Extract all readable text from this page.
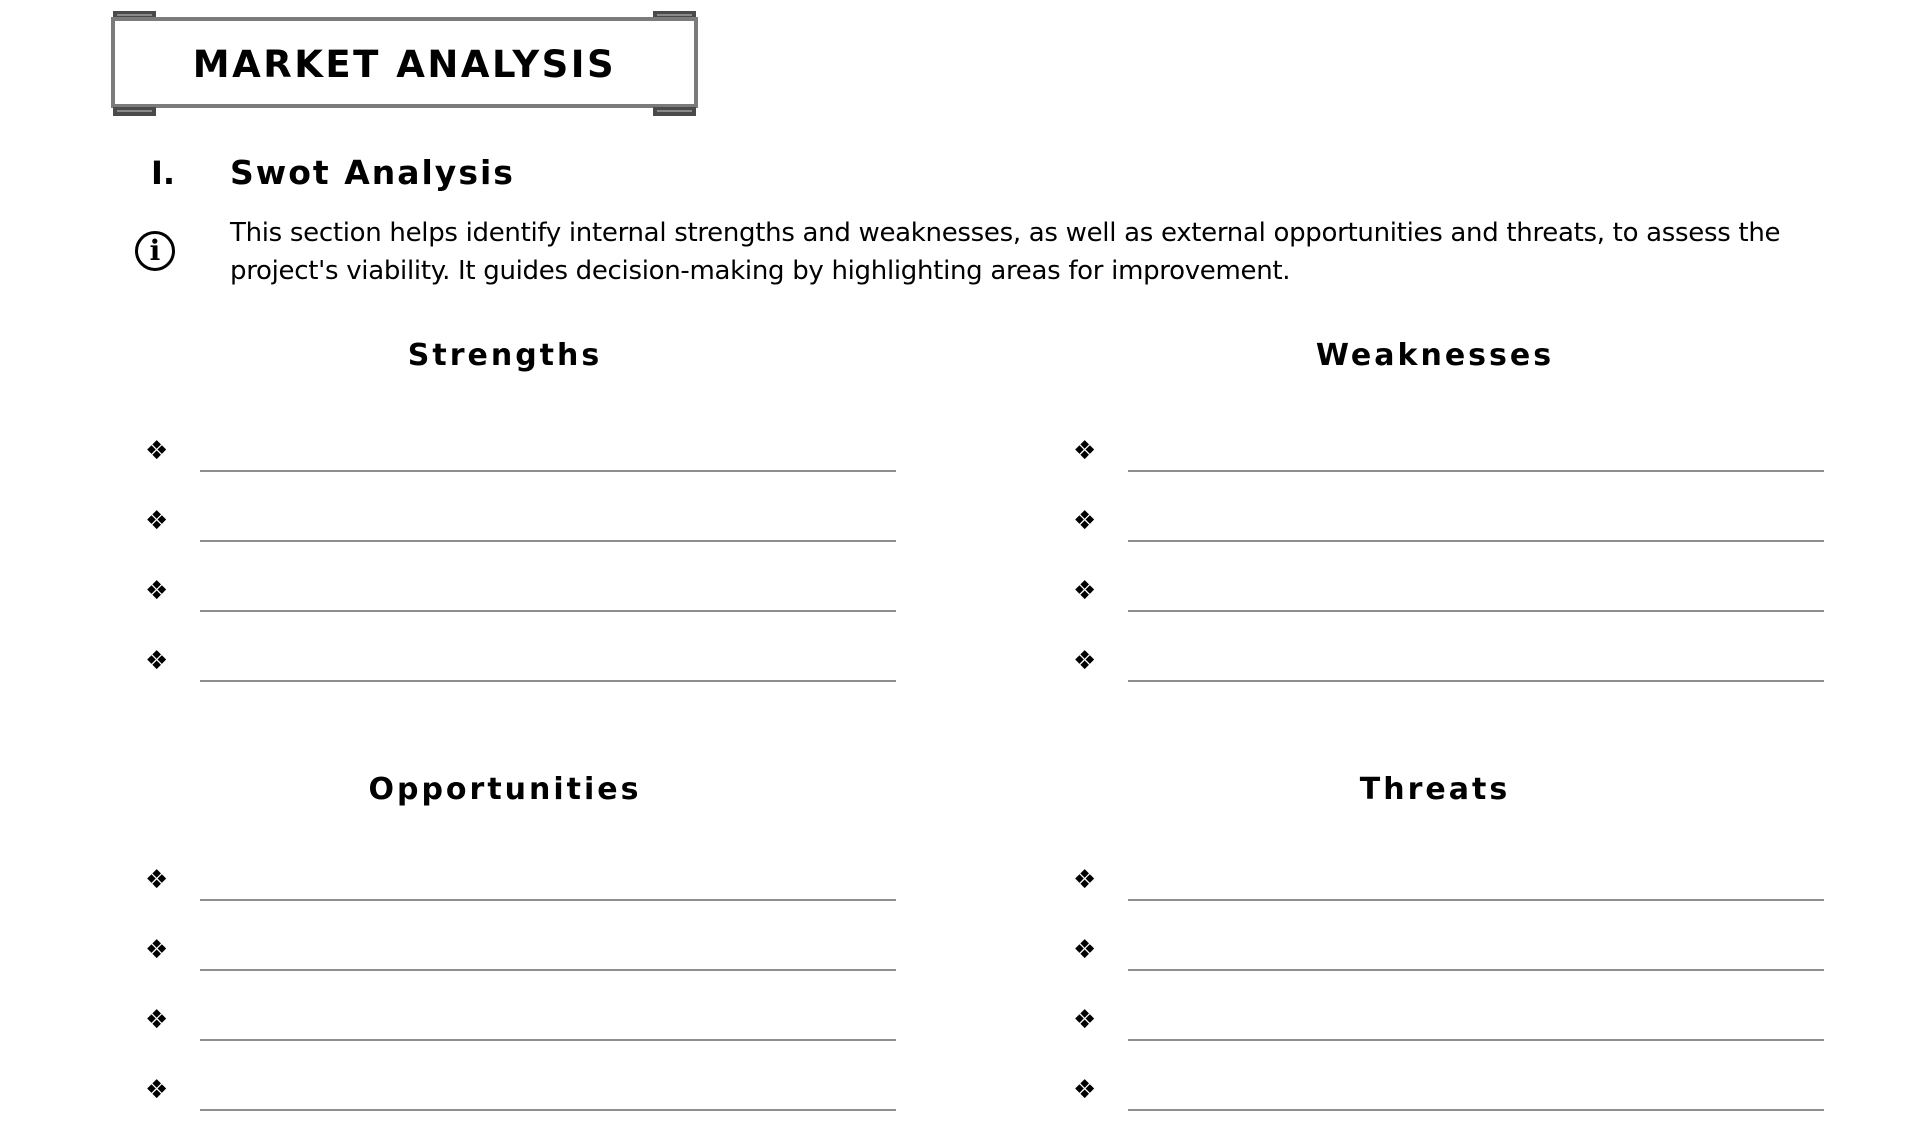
MARKET ANALYSIS
I. Swot Analysis
i
This section helps identify internal strengths and weaknesses, as well as external opportunities and threats, to assess the project's viability. It guides decision-making by highlighting areas for improvement.
Strengths
❖
❖
❖
❖
Weaknesses
❖
❖
❖
❖
Opportunities
❖
❖
❖
❖
Threats
❖
❖
❖
❖
